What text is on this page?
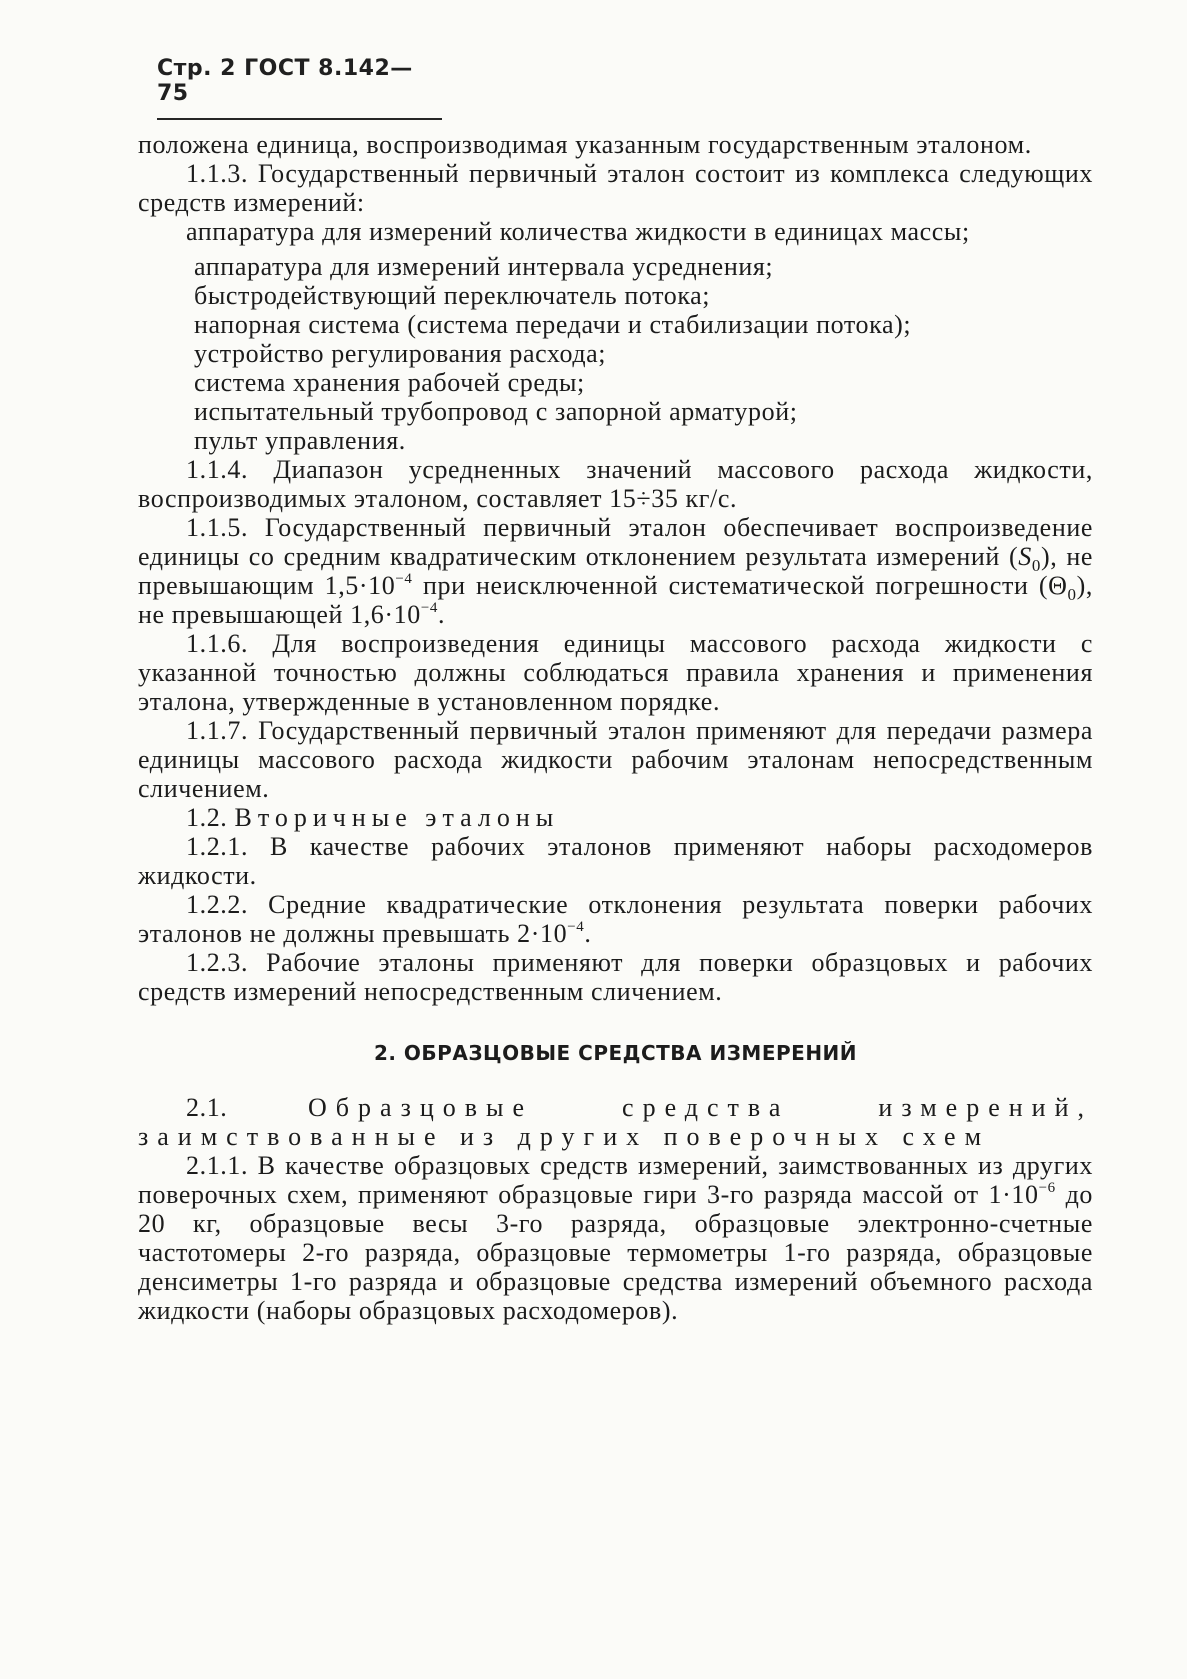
Стр. 2 ГОСТ 8.142—75

положена единица, воспроизводимая указанным государственным эталоном.

1.1.3. Государственный первичный эталон состоит из комплекса следующих средств измерений:

аппаратура для измерений количества жидкости в единицах массы;

аппаратура для измерений интервала усреднения;

быстродействующий переключатель потока;

напорная система (система передачи и стабилизации потока);

устройство регулирования расхода;

система хранения рабочей среды;

испытательный трубопровод с запорной арматурой;

пульт управления.

1.1.4. Диапазон усредненных значений массового расхода жидкости, воспроизводимых эталоном, составляет 15÷35 кг/с.

1.1.5. Государственный первичный эталон обеспечивает воспроизведение единицы со средним квадратическим отклонением результата измерений $(S_0)$, не превышающим $1,5\cdot 10^{-4}$ при неисключенной систематической погрешности $(\Theta_0)$, не превышающей $1,6\cdot 10^{-4}$.

1.1.6. Для воспроизведения единицы массового расхода жидкости с указанной точностью должны соблюдаться правила хранения и применения эталона, утвержденные в установленном порядке.

1.1.7. Государственный первичный эталон применяют для передачи размера единицы массового расхода жидкости рабочим эталонам непосредственным сличением.

1.2. Вторичные эталоны

1.2.1. В качестве рабочих эталонов применяют наборы расходомеров жидкости.

1.2.2. Средние квадратические отклонения результата поверки рабочих эталонов не должны превышать $2\cdot 10^{-4}$.

1.2.3. Рабочие эталоны применяют для поверки образцовых и рабочих средств измерений непосредственным сличением.

2. ОБРАЗЦОВЫЕ СРЕДСТВА ИЗМЕРЕНИЙ

2.1.	Образцовые средства измерений, заимствованные из других поверочных схем

2.1.1. В качестве образцовых средств измерений, заимствованных из других поверочных схем, применяют образцовые гири 3-го разряда массой от $1\cdot 10^{-6}$ до 20 кг, образцовые весы 3-го разряда, образцовые электронно-счетные частотомеры 2-го разряда, образцовые термометры 1-го разряда, образцовые денсиметры 1-го разряда и образцовые средства измерений объемного расхода жидкости (наборы образцовых расходомеров).
